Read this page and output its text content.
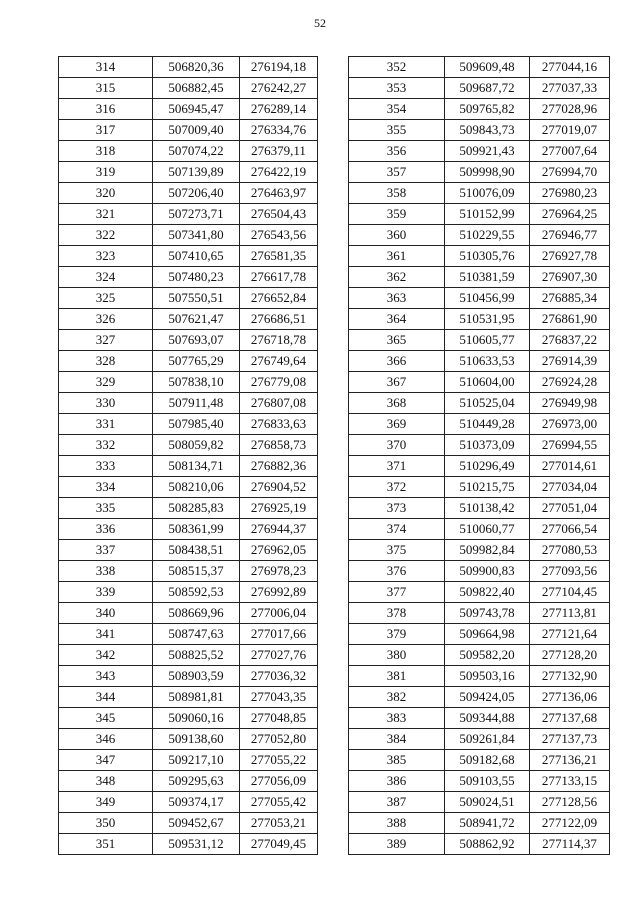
52
314	506820,36	276194,18
315	506882,45	276242,27
316	506945,47	276289,14
317	507009,40	276334,76
318	507074,22	276379,11
319	507139,89	276422,19
320	507206,40	276463,97
321	507273,71	276504,43
322	507341,80	276543,56
323	507410,65	276581,35
324	507480,23	276617,78
325	507550,51	276652,84
326	507621,47	276686,51
327	507693,07	276718,78
328	507765,29	276749,64
329	507838,10	276779,08
330	507911,48	276807,08
331	507985,40	276833,63
332	508059,82	276858,73
333	508134,71	276882,36
334	508210,06	276904,52
335	508285,83	276925,19
336	508361,99	276944,37
337	508438,51	276962,05
338	508515,37	276978,23
339	508592,53	276992,89
340	508669,96	277006,04
341	508747,63	277017,66
342	508825,52	277027,76
343	508903,59	277036,32
344	508981,81	277043,35
345	509060,16	277048,85
346	509138,60	277052,80
347	509217,10	277055,22
348	509295,63	277056,09
349	509374,17	277055,42
350	509452,67	277053,21
351	509531,12	277049,45
352	509609,48	277044,16
353	509687,72	277037,33
354	509765,82	277028,96
355	509843,73	277019,07
356	509921,43	277007,64
357	509998,90	276994,70
358	510076,09	276980,23
359	510152,99	276964,25
360	510229,55	276946,77
361	510305,76	276927,78
362	510381,59	276907,30
363	510456,99	276885,34
364	510531,95	276861,90
365	510605,77	276837,22
366	510633,53	276914,39
367	510604,00	276924,28
368	510525,04	276949,98
369	510449,28	276973,00
370	510373,09	276994,55
371	510296,49	277014,61
372	510215,75	277034,04
373	510138,42	277051,04
374	510060,77	277066,54
375	509982,84	277080,53
376	509900,83	277093,56
377	509822,40	277104,45
378	509743,78	277113,81
379	509664,98	277121,64
380	509582,20	277128,20
381	509503,16	277132,90
382	509424,05	277136,06
383	509344,88	277137,68
384	509261,84	277137,73
385	509182,68	277136,21
386	509103,55	277133,15
387	509024,51	277128,56
388	508941,72	277122,09
389	508862,92	277114,37
